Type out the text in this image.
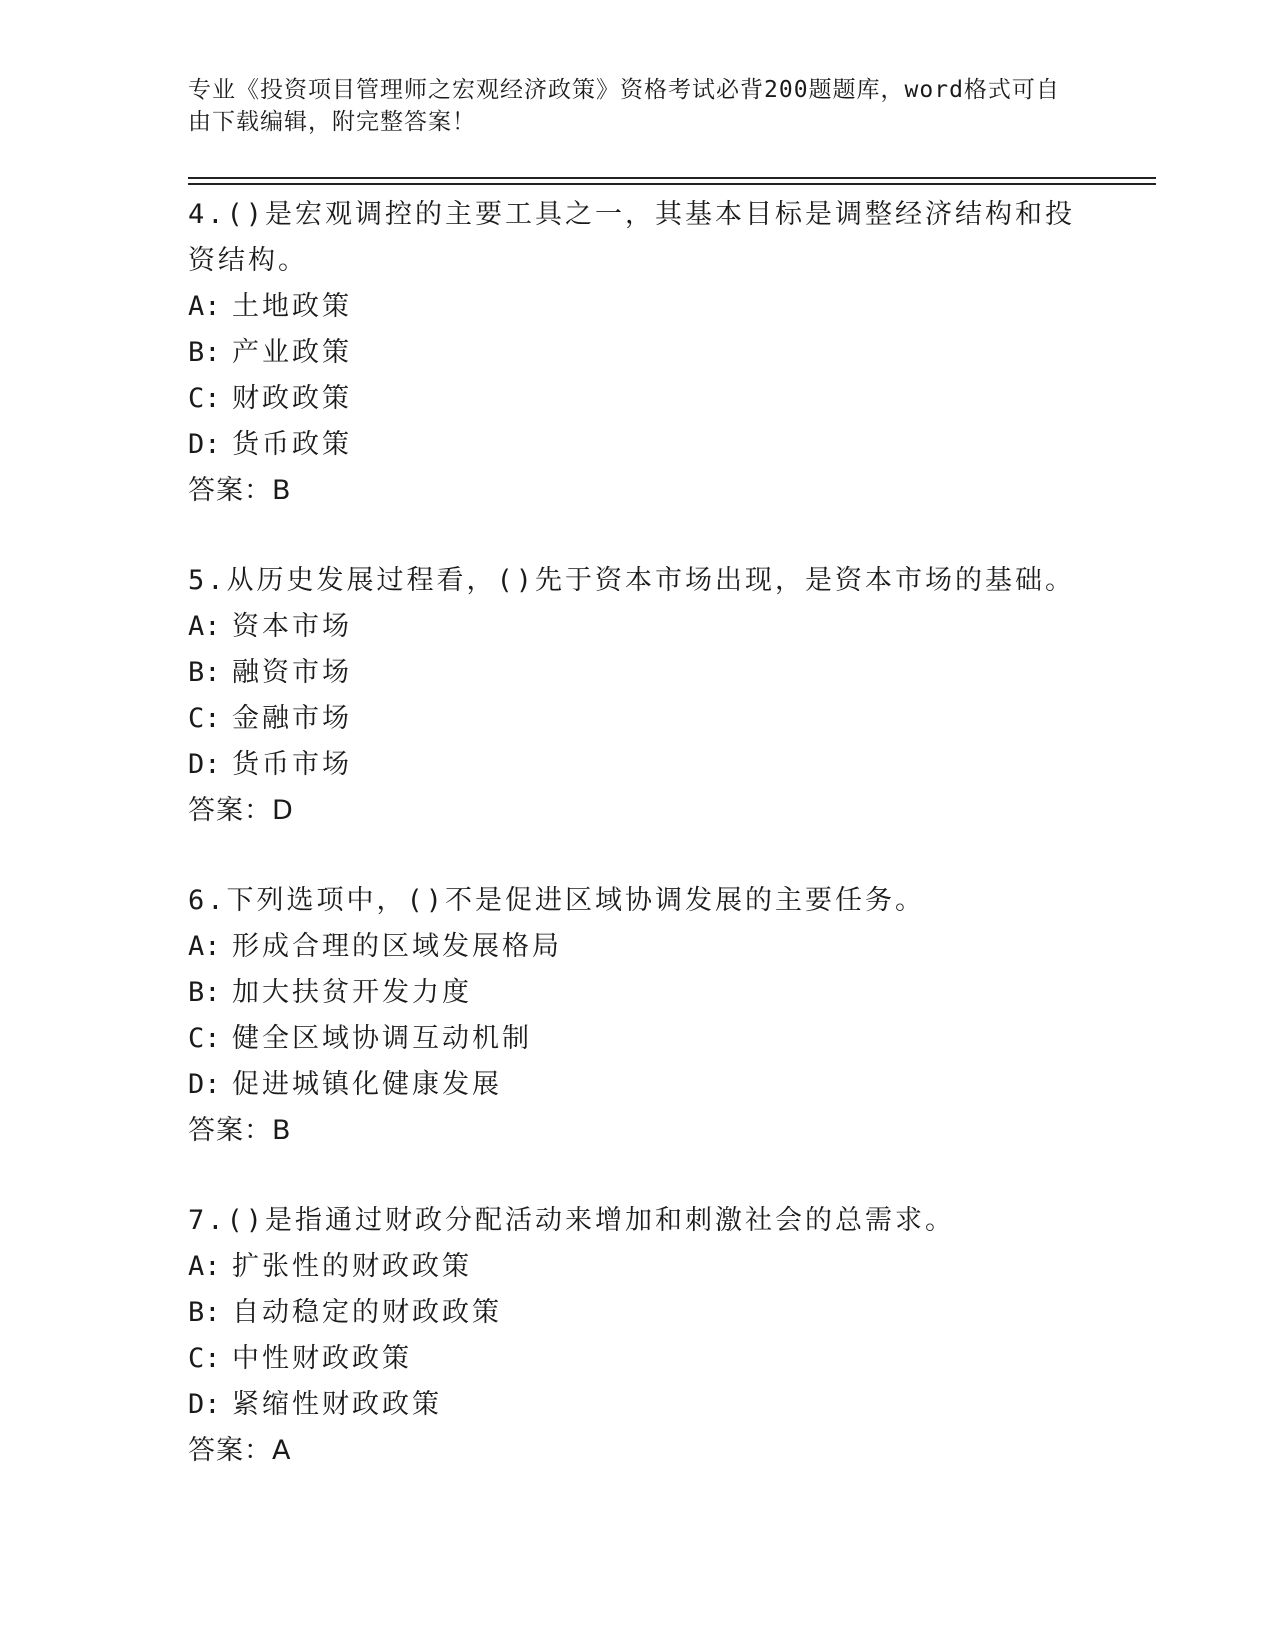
专业《投资项目管理师之宏观经济政策》资格考试必背200题题库，word格式可自由下载编辑，附完整答案！
4.()是宏观调控的主要工具之一，其基本目标是调整经济结构和投资结构。
A: 土地政策
B: 产业政策
C: 财政政策
D: 货币政策
答案：B
5.从历史发展过程看，()先于资本市场出现，是资本市场的基础。
A: 资本市场
B: 融资市场
C: 金融市场
D: 货币市场
答案：D
6.下列选项中，()不是促进区域协调发展的主要任务。
A: 形成合理的区域发展格局
B: 加大扶贫开发力度
C: 健全区域协调互动机制
D: 促进城镇化健康发展
答案：B
7.()是指通过财政分配活动来增加和刺激社会的总需求。
A: 扩张性的财政政策
B: 自动稳定的财政政策
C: 中性财政政策
D: 紧缩性财政政策
答案：A
